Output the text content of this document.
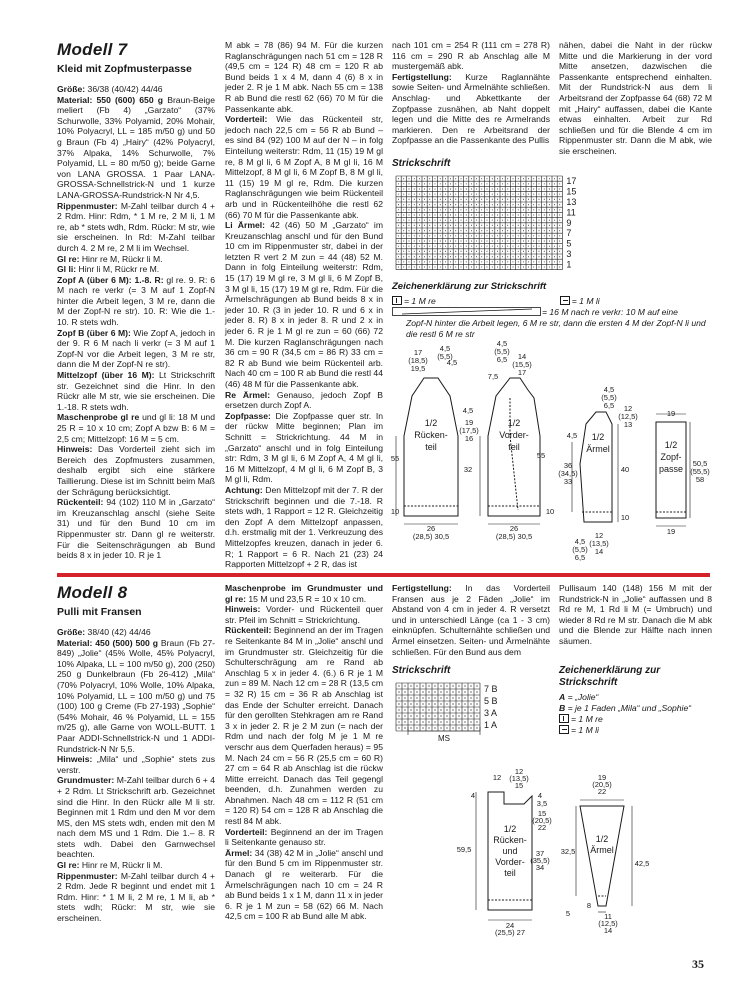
Modell 7
Kleid mit Zopfmusterpasse

Größe: 36/38 (40/42) 44/46

Material: 550 (600) 650 g Braun-Beige meliert (Fb 4) „Garzato“ (37% Schurwolle, 33% Polyamid, 20% Mohair, 10% Polyacryl, LL = 185 m/50 g) und 50 g Braun (Fb 4) „Hairy“ (42% Polyacryl, 37% Alpaka, 14% Schurwolle, 7% Polyamid, LL = 80 m/50 g); beide Garne von LANA GROSSA. 1 Paar LANA-GROSSA-Schnellstrick-N und 1 kurze LANA-GROSSA-Rundstrick-N Nr 4,5.

Rippenmuster: M-Zahl teilbar durch 4 + 2 Rdm. Hinr: Rdm, * 1 M re, 2 M li, 1 M re, ab * stets wdh, Rdm. Rückr: M str, wie sie erscheinen. In Rd: M-Zahl teilbar durch 4. 2 M re, 2 M li im Wechsel.

Gl re: Hinr re M, Rückr li M.

Gl li: Hinr li M, Rückr re M.

Zopf A (über 6 M): 1.-8. R: gl re. 9. R: 6 M nach re verkr (= 3 M auf 1 Zopf-N hinter die Arbeit legen, 3 M re, dann die M der Zopf-N re str). 10. R: Wie die 1.- 10. R stets wdh.

Zopf B (über 6 M): Wie Zopf A, jedoch in der 9. R 6 M nach li verkr (= 3 M auf 1 Zopf-N vor die Arbeit legen, 3 M re str, dann die M der Zopf-N re str).

Mittelzopf (über 16 M): Lt Strickschrift str. Gezeichnet sind die Hinr. In den Rückr alle M str, wie sie erscheinen. Die 1.-18. R stets wdh.

Maschenprobe gl re und gl li: 18 M und 25 R = 10 x 10 cm; Zopf A bzw B: 6 M = 2,5 cm; Mittelzopf: 16 M = 5 cm.

Hinweis: Das Vorderteil zieht sich im Bereich des Zopfmusters zusammen, deshalb ergibt sich eine stärkere Taillierung. Diese ist im Schnitt beim Maß der Schrägung berücksichtigt.

Rückenteil: 94 (102) 110 M in „Garzato“ im Kreuzanschlag anschl (siehe Seite 31) und für den Bund 10 cm im Rippenmuster str. Dann gl re weiterstr. Für die Seitenschrägungen ab Bund beids 8 x in jeder 10. R je 1

M abk = 78 (86) 94 M. Für die kurzen Raglanschrägungen nach 51 cm = 128 R (49,5 cm = 124 R) 48 cm = 120 R ab Bund beids 1 x 4 M, dann 4 (6) 8 x in jeder 2. R je 1 M abk. Nach 55 cm = 138 R ab Bund die restl 62 (66) 70 M für die Passenkante abk.

Vorderteil: Wie das Rückenteil str, jedoch nach 22,5 cm = 56 R ab Bund – es sind 84 (92) 100 M auf der N – in folg Einteilung weiterstr: Rdm, 11 (15) 19 M gl re, 8 M gl li, 6 M Zopf A, 8 M gl li, 16 M Mittelzopf, 8 M gl li, 6 M Zopf B, 8 M gl li, 11 (15) 19 M gl re, Rdm. Die kurzen Raglanschrägungen wie beim Rückenteil arb und in Rückenteilhöhe die restl 62 (66) 70 M für die Passenkante abk.

Li Ärmel: 42 (46) 50 M „Garzato“ im Kreuzanschlag anschl und für den Bund 10 cm im Rippenmuster str, dabei in der letzten R vert 2 M zun = 44 (48) 52 M. Dann in folg Einteilung weiterstr: Rdm, 15 (17) 19 M gl re, 3 M gl li, 6 M Zopf B, 3 M gl li, 15 (17) 19 M gl re, Rdm. Für die Ärmelschrägungen ab Bund beids 8 x in jeder 10. R (3 in jeder 10. R und 6 x in jeder 8. R) 8 x in jeder 8. R und 2 x in jeder 6. R je 1 M gl re zun = 60 (66) 72 M. Die kurzen Raglanschrägungen nach 36 cm = 90 R (34,5 cm = 86 R) 33 cm = 82 R ab Bund wie beim Rückenteil arb. Nach 40 cm = 100 R ab Bund die restl 44 (46) 48 M für die Passenkante abk.

Re Ärmel: Genauso, jedoch Zopf B ersetzen durch Zopf A.

Zopfpasse: Die Zopfpasse quer str. In der rückw Mitte beginnen; Plan im Schnitt = Strickrichtung. 44 M in „Garzato“ anschl und in folg Einteilung str: Rdm, 3 M gl li, 6 M Zopf A, 4 M gl li, 16 M Mittelzopf, 4 M gl li, 6 M Zopf B, 3 M gl li, Rdm.

Achtung: Den Mittelzopf mit der 7. R der Strickschrift beginnen und die 7.-18. R stets wdh, 1 Rapport = 12 R. Gleichzeitig den Zopf A dem Mittelzopf anpassen, d.h. erstmalig mit der 1. Verkreuzung des Mittelzopfes kreuzen, danach in jeder 6. R; 1 Rapport = 6 R. Nach 21 (23) 24 Rapporten Mittelzopf + 2 R, das ist

nach 101 cm = 254 R (111 cm = 278 R) 116 cm = 290 R ab Anschlag alle M mustergemäß abk.

Fertigstellung: Kurze Raglannähte sowie Seiten- und Ärmelnähte schließen. Anschlag- und Abkettkante der Zopfpasse zusnähen, ab Naht doppelt legen und die Mitte des re Armelrands markieren. Den re Arbeitsrand der Zopfpasse an die Passenkante des Pullis

nähen, dabei die Naht in der rückw Mitte und die Markierung in der vord Mitte ansetzen, dazwischen die Passenkante entsprechend einhalten. Mit der Rundstrick-N aus dem li Arbeitsrand der Zopfpasse 64 (68) 72 M mit „Hairy“ auffassen, dabei die Kante etwas einhalten. Arbeit zur Rd schließen und für die Blende 4 cm im Rippenmuster str. Dann die M abk, wie sie erscheinen.

Strickschrift
17
15
13
11
9
7
5
3
1
Zeichenerklärung zur Strickschrift
= 1 M re	= 1 M li
= 16 M nach re verkr: 10 M auf eine
Zopf-N hinter die Arbeit legen, 6 M re str, dann die ersten 4 M der Zopf-N li und
die restl 6 M re str
1/2
Rücken-
teil
1/2
Vorder-
teil
1/2
Ärmel	1/2
Zopf-
passe
4,5
(5,5)
17
(18,5)	4,5
19,5
55
32
10
26
(28,5) 30,5
4,5
(5,5)
6,5 14
(15,5)
7,5	17
4,5
19
(17,5)
16
55
10
26
(28,5) 30,5
4,5
(5,5)
6,5 12
(12,5)
13
4,5
36
(34,5)
33
40
10
4,5
(5,5)
6,5
12
(13,5)
14
19
50,5
(55,5)
58
19
Modell 8
Pulli mit Fransen

Größe: 38/40 (42) 44/46

Material: 450 (500) 500 g Braun (Fb 27-849) „Jolie“ (45% Wolle, 45% Polyacryl, 10% Alpaka, LL = 100 m/50 g), 200 (250) 250 g Dunkelbraun (Fb 26-412) „Mila“ (70% Polyacryl, 10% Wolle, 10% Alpaka, 10% Polyamid, LL = 100 m/50 g) und 75 (100) 100 g Creme (Fb 27-193) „Sophie“ (54% Mohair, 46 % Polyamid, LL = 155 m/25 g), alle Garne von WOLL-BUTT. 1 Paar ADDI-Schnellstrick-N und 1 ADDI-Rundstrick-N Nr 5,5.

Hinweis: „Mila“ und „Sophie“ stets zus verstr.

Grundmuster: M-Zahl teilbar durch 6 + 4 + 2 Rdm. Lt Strickschrift arb. Gezeichnet sind die Hinr. In den Rückr alle M li str. Beginnen mit 1 Rdm und den M vor dem MS, den MS stets wdh, enden mit den M nach dem MS und 1 Rdm. Die 1.– 8. R stets wdh. Dabei den Garnwechsel beachten.

Gl re: Hinr re M, Rückr li M.

Rippenmuster: M-Zahl teilbar durch 4 + 2 Rdm. Jede R beginnt und endet mit 1 Rdm. Hinr: * 1 M li, 2 M re, 1 M li, ab * stets wdh; Rückr: M str, wie sie erscheinen.

Maschenprobe im Grundmuster und gl re: 15 M und 23,5 R = 10 x 10 cm.

Hinweis: Vorder- und Rückenteil quer str. Pfeil im Schnitt = Strickrichtung.

Rückenteil: Beginnend an der im Tragen re Seitenkante 84 M in „Jolie“ anschl und im Grundmuster str. Gleichzeitig für die Schulterschrägung am re Rand ab Anschlag 5 x in jeder 4. (6.) 6 R je 1 M zun = 89 M. Nach 12 cm = 28 R (13,5 cm = 32 R) 15 cm = 36 R ab Anschlag ist das Ende der Schulter erreicht. Danach für den gerollten Stehkragen am re Rand 3 x in jeder 2. R je 2 M zun (= nach der Rdm und nach der folg M je 1 M re verschr aus dem Querfaden heraus) = 95 M. Nach 24 cm = 56 R (25,5 cm = 60 R) 27 cm = 64 R ab Anschlag ist die rückw Mitte erreicht. Danach das Teil gegengl beenden, d.h. Zunahmen werden zu Abnahmen. Nach 48 cm = 112 R (51 cm = 120 R) 54 cm = 128 R ab Anschlag die restl 84 M abk.

Vorderteil: Beginnend an der im Tragen li Seitenkante genauso str.

Ärmel: 34 (38) 42 M in „Jolie“ anschl und für den Bund 5 cm im Rippenmuster str. Danach gl re weiterarb. Für die Ärmelschrägungen nach 10 cm = 24 R ab Bund beids 1 x 1 M, dann 11 x in jeder 6. R je 1 M zun = 58 (62) 66 M. Nach 42,5 cm = 100 R ab Bund alle M abk.

Fertigstellung: In das Vorderteil Fransen aus je 2 Fäden „Jolie“ im Abstand von 4 cm in jeder 4. R versetzt und in unterschiedl Länge (ca 1 - 3 cm) einknüpfen. Schulternähte schließen und Ärmel einsetzen. Seiten- und Ärmelnähte schließen. Für den Bund aus dem

Pullisaum 140 (148) 156 M mit der Rundstrick-N in „Jolie“ auffassen und 8 Rd re M, 1 Rd li M (= Umbruch) und wieder 8 Rd re M str. Danach die M abk und die Blende zur Hälfte nach innen säumen.

Strickschrift
7 B
5 B
3 A
1 A
MS
Zeichenerklärung zur Strickschrift
A = „Jolie“
B = je 1 Faden „Mila“ und „Sophie“
= 1 M re
= 1 M li
1/2
Rücken-
und
Vorder-
teil
1/2
Ärmel
12
12
(13,5)
15
4	4
3,5
15
(20,5)
22
59,5	37
(35,5)
34
24
(25,5) 27
19
(20,5)
22
32,5
42,5
5
8
11
(12,5)
14
35
